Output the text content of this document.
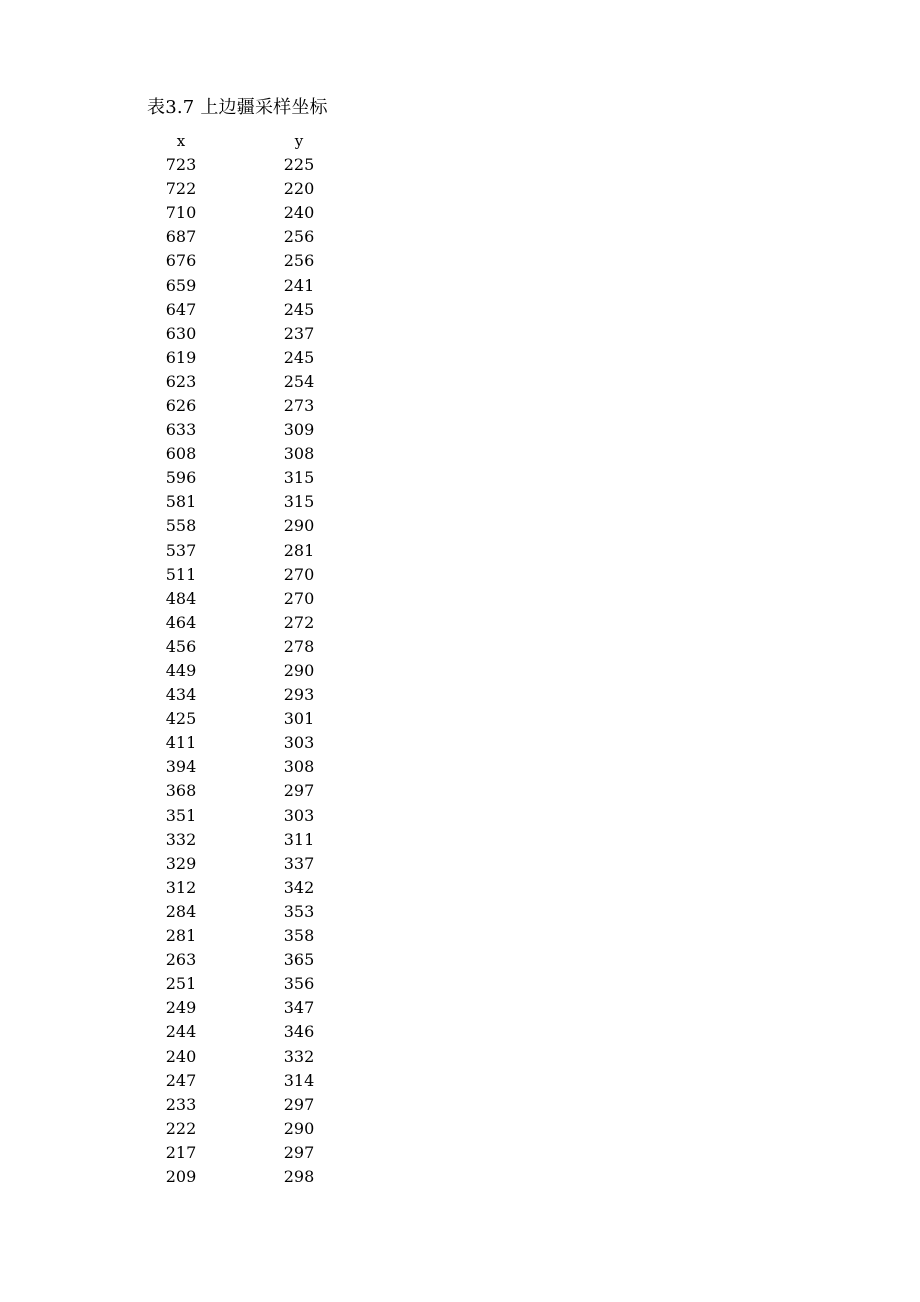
表3.7 上边疆采样坐标
x		y
723		225
722		220
710		240
687		256
676		256
659		241
647		245
630		237
619		245
623		254
626		273
633		309
608		308
596		315
581		315
558		290
537		281
511		270
484		270
464		272
456		278
449		290
434		293
425		301
411		303
394		308
368		297
351		303
332		311
329		337
312		342
284		353
281		358
263		365
251		356
249		347
244		346
240		332
247		314
233		297
222		290
217		297
209		298
